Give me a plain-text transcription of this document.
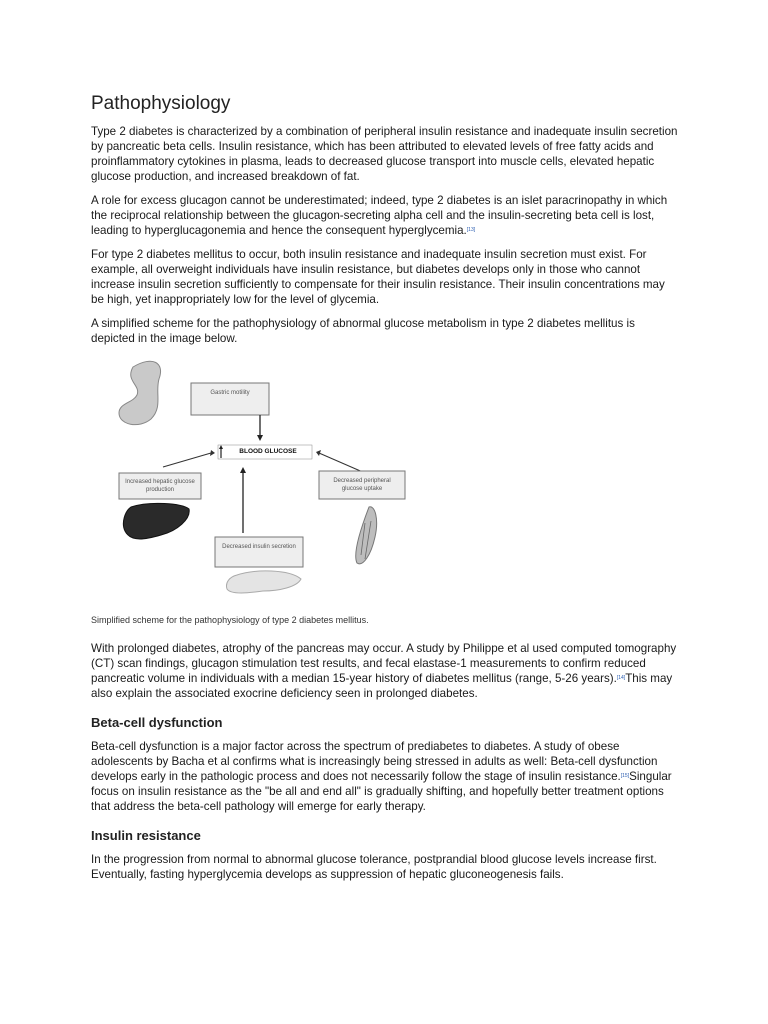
Pathophysiology

Type 2 diabetes is characterized by a combination of peripheral insulin resistance and inadequate insulin secretion by pancreatic beta cells. Insulin resistance, which has been attributed to elevated levels of free fatty acids and proinflammatory cytokines in plasma, leads to decreased glucose transport into muscle cells, elevated hepatic glucose production, and increased breakdown of fat.

A role for excess glucagon cannot be underestimated; indeed, type 2 diabetes is an islet paracrinopathy in which the reciprocal relationship between the glucagon-secreting alpha cell and the insulin-secreting beta cell is lost, leading to hyperglucagonemia and hence the consequent hyperglycemia.[13]

For type 2 diabetes mellitus to occur, both insulin resistance and inadequate insulin secretion must exist. For example, all overweight individuals have insulin resistance, but diabetes develops only in those who cannot increase insulin secretion sufficiently to compensate for their insulin resistance. Their insulin concentrations may be high, yet inappropriately low for the level of glycemia.

A simplified scheme for the pathophysiology of abnormal glucose metabolism in type 2 diabetes mellitus is depicted in the image below.

Gastric motility
BLOOD GLUCOSE
Increased hepatic glucose production
Decreased peripheral glucose uptake
Decreased insulin secretion
Simplified scheme for the pathophysiology of type 2 diabetes mellitus.

With prolonged diabetes, atrophy of the pancreas may occur. A study by Philippe et al used computed tomography (CT) scan findings, glucagon stimulation test results, and fecal elastase-1 measurements to confirm reduced pancreatic volume in individuals with a median 15-year history of diabetes mellitus (range, 5-26 years).[14]This may also explain the associated exocrine deficiency seen in prolonged diabetes.

Beta-cell dysfunction

Beta-cell dysfunction is a major factor across the spectrum of prediabetes to diabetes. A study of obese adolescents by Bacha et al confirms what is increasingly being stressed in adults as well: Beta-cell dysfunction develops early in the pathologic process and does not necessarily follow the stage of insulin resistance.[15]Singular focus on insulin resistance as the "be all and end all" is gradually shifting, and hopefully better treatment options that address the beta-cell pathology will emerge for early therapy.

Insulin resistance

In the progression from normal to abnormal glucose tolerance, postprandial blood glucose levels increase first. Eventually, fasting hyperglycemia develops as suppression of hepatic gluconeogenesis fails.
